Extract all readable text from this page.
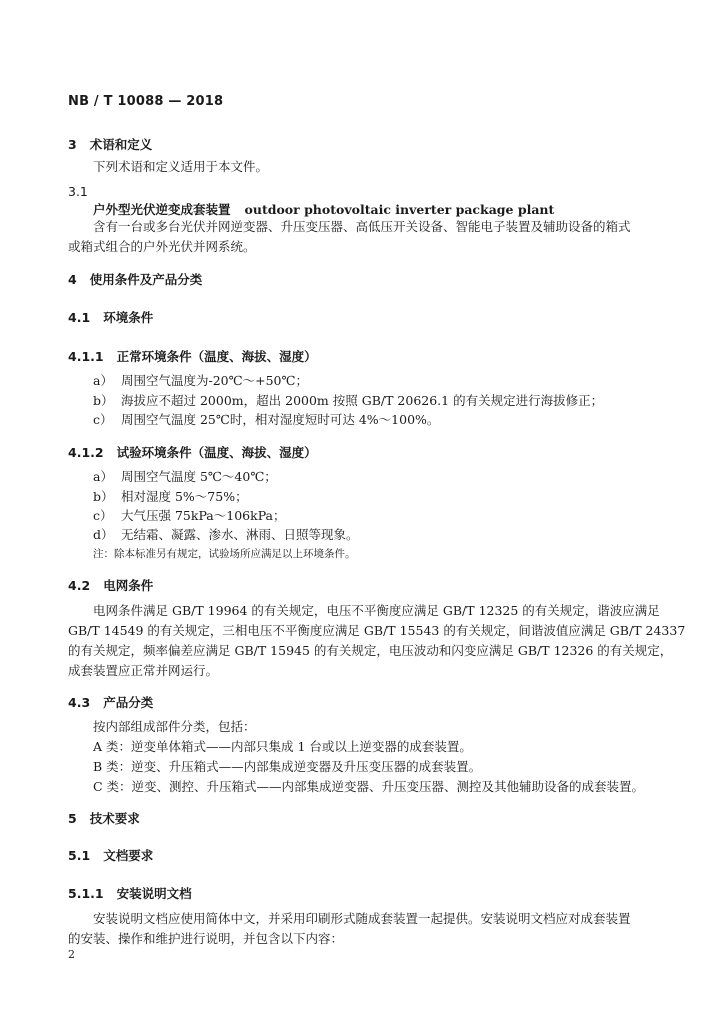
NB / T 10088 — 2018
3 术语和定义
下列术语和定义适用于本文件。
3.1
户外型光伏逆变成套装置 outdoor photovoltaic inverter package plant
含有一台或多台光伏并网逆变器、升压变压器、高低压开关设备、智能电子装置及辅助设备的箱式
或箱式组合的户外光伏并网系统。
4 使用条件及产品分类
4.1 环境条件
4.1.1 正常环境条件（温度、海拔、湿度）
a） 周围空气温度为-20℃～+50℃；
b） 海拔应不超过 2000m，超出 2000m 按照 GB/T 20626.1 的有关规定进行海拔修正；
c） 周围空气温度 25℃时，相对湿度短时可达 4%～100%。
4.1.2 试验环境条件（温度、海拔、湿度）
a） 周围空气温度 5℃～40℃；
b） 相对湿度 5%～75%；
c） 大气压强 75kPa～106kPa；
d） 无结霜、凝露、渗水、淋雨、日照等现象。
注：除本标准另有规定，试验场所应满足以上环境条件。
4.2 电网条件
电网条件满足 GB/T 19964 的有关规定，电压不平衡度应满足 GB/T 12325 的有关规定，谐波应满足
GB/T 14549 的有关规定，三相电压不平衡度应满足 GB/T 15543 的有关规定，间谐波值应满足 GB/T 24337
的有关规定，频率偏差应满足 GB/T 15945 的有关规定，电压波动和闪变应满足 GB/T 12326 的有关规定，
成套装置应正常并网运行。
4.3 产品分类
按内部组成部件分类，包括：
A 类：逆变单体箱式——内部只集成 1 台或以上逆变器的成套装置。
B 类：逆变、升压箱式——内部集成逆变器及升压变压器的成套装置。
C 类：逆变、测控、升压箱式——内部集成逆变器、升压变压器、测控及其他辅助设备的成套装置。
5 技术要求
5.1 文档要求
5.1.1 安装说明文档
安装说明文档应使用简体中文，并采用印刷形式随成套装置一起提供。安装说明文档应对成套装置
的安装、操作和维护进行说明，并包含以下内容：
2
